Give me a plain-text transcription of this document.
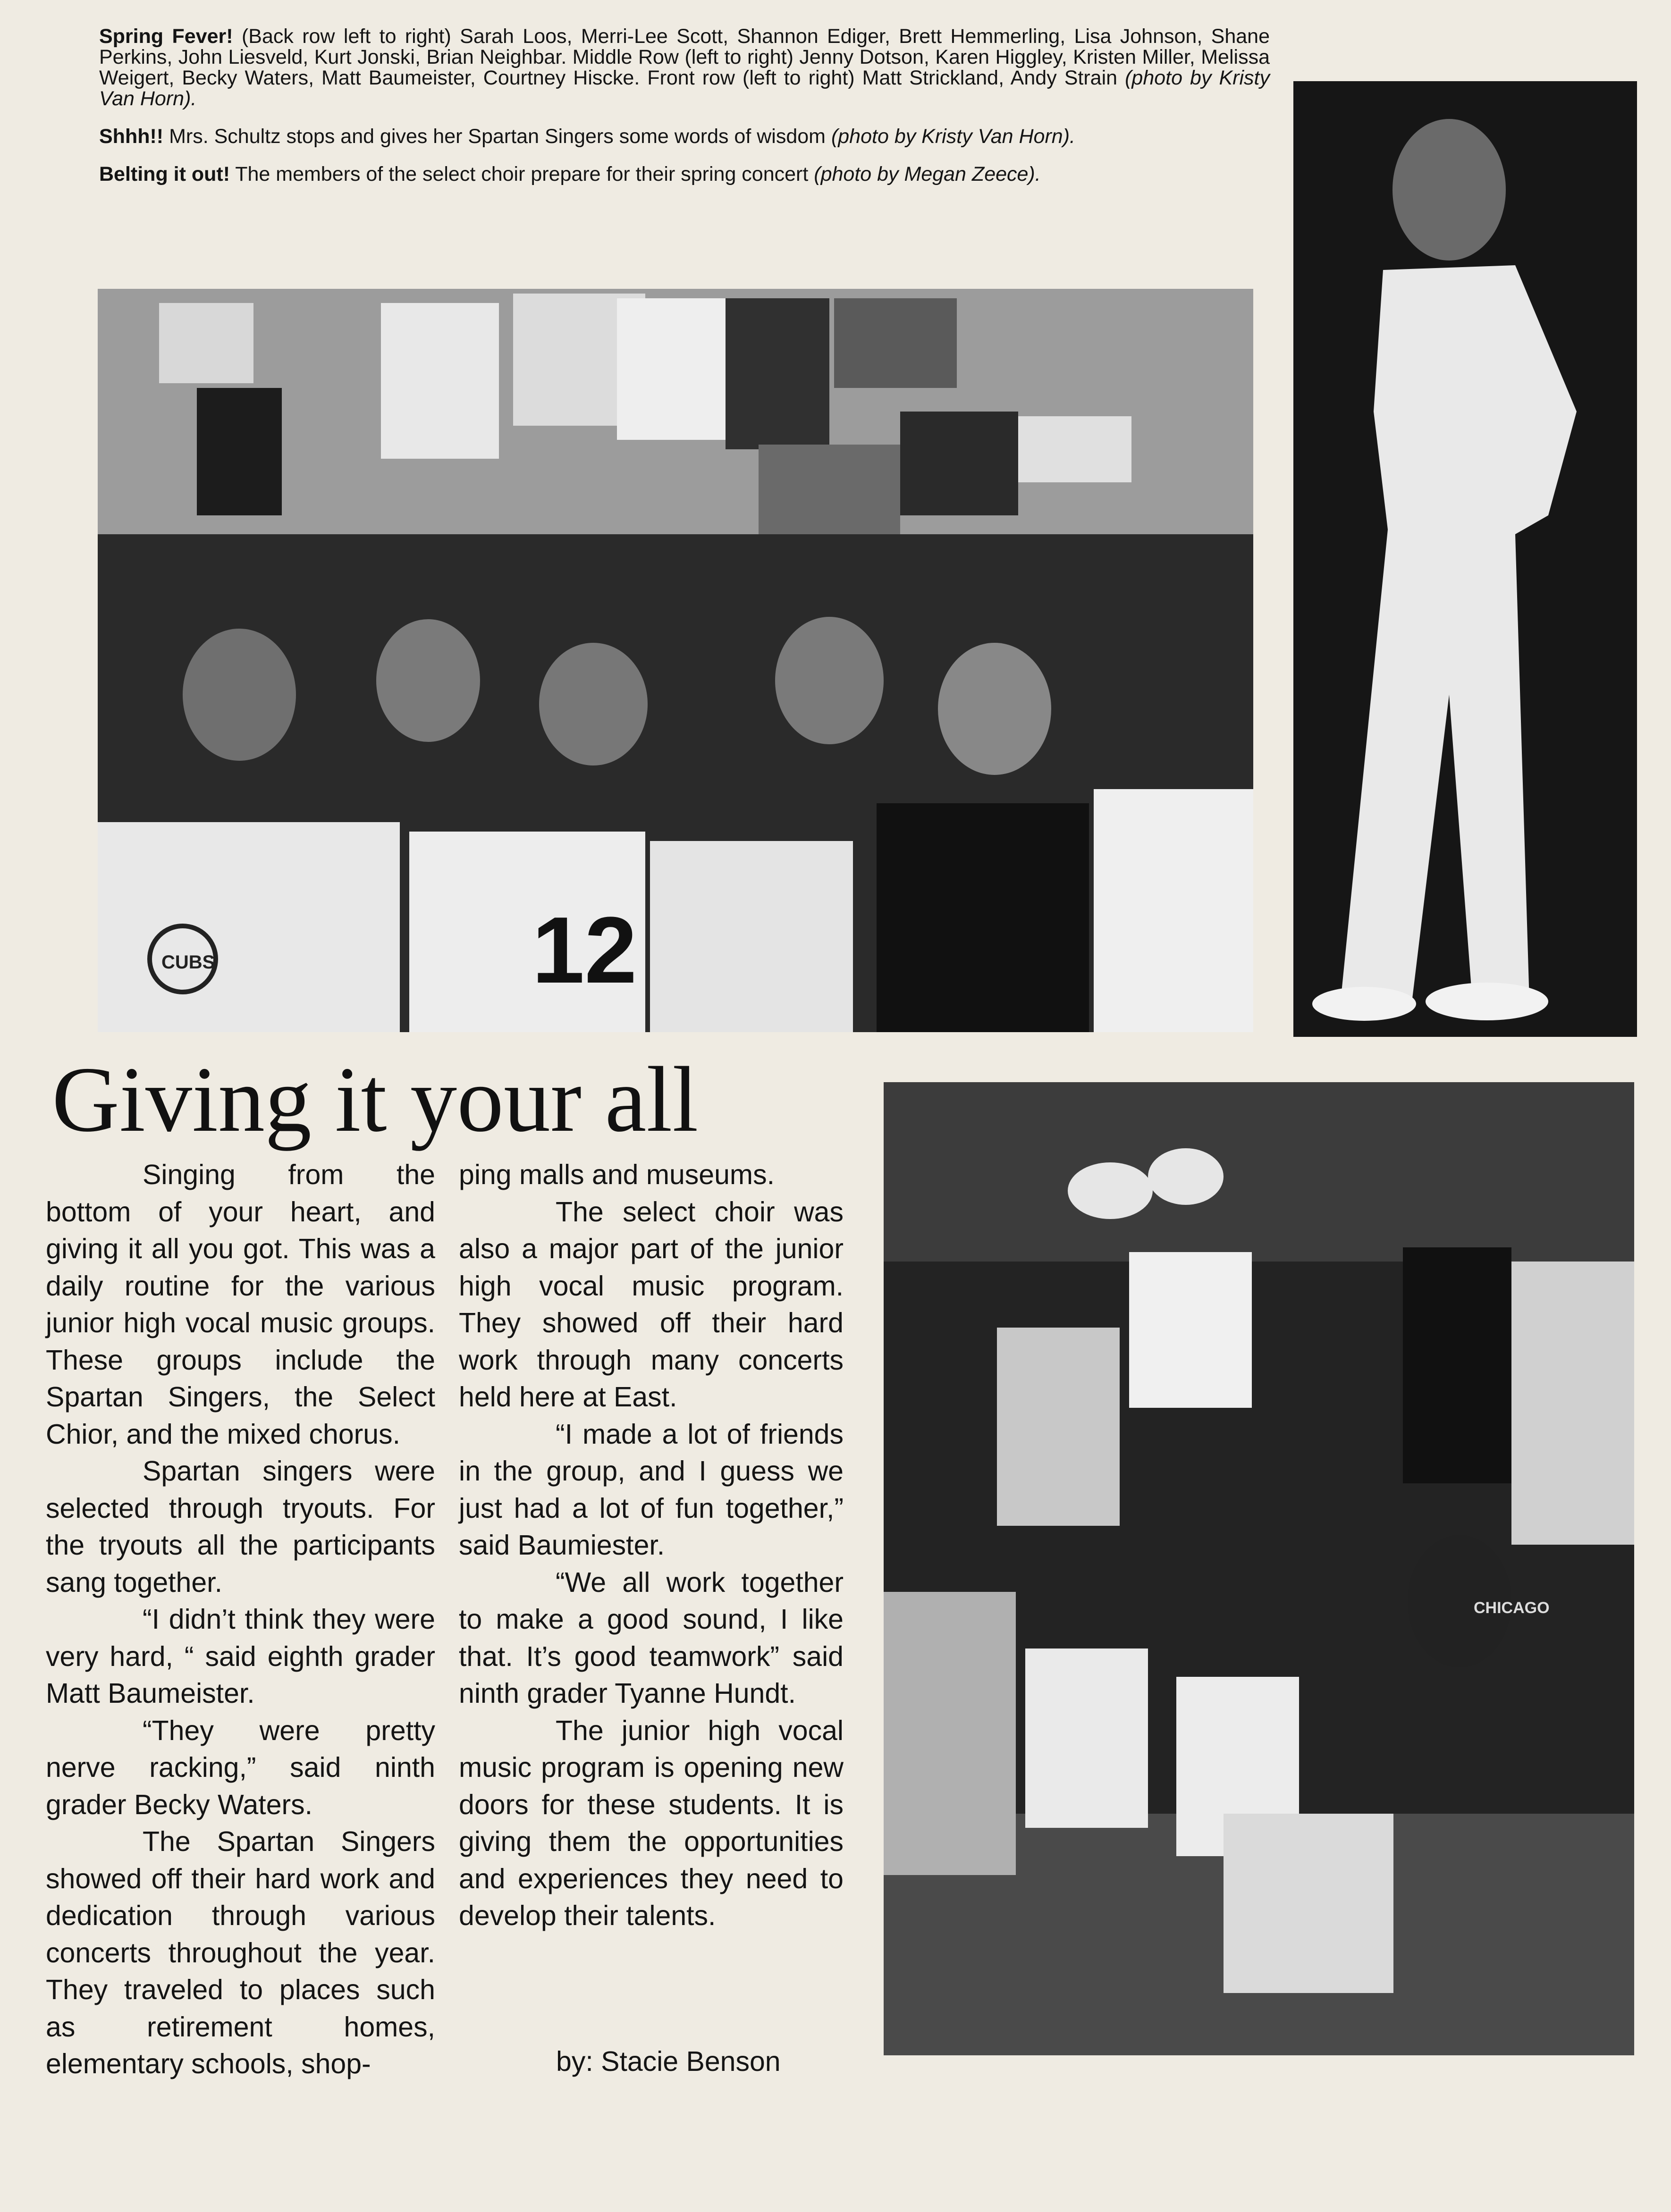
Spring Fever! (Back row left to right) Sarah Loos, Merri-Lee Scott, Shannon Ediger, Brett Hemmerling, Lisa Johnson, Shane Perkins, John Liesveld, Kurt Jonski, Brian Neighbar. Middle Row (left to right) Jenny Dotson, Karen Higgley, Kristen Miller, Melissa Weigert, Becky Waters, Matt Baumeister, Courtney Hiscke. Front row (left to right) Matt Strickland, Andy Strain (photo by Kristy Van Horn).

Shhh!! Mrs. Schultz stops and gives her Spartan Singers some words of wisdom (photo by Kristy Van Horn).

Belting it out! The members of the select choir prepare for their spring concert (photo by Megan Zeece).

12
CUBS
Giving it your all

Singing from the bottom of your heart, and giving it all you got. This was a daily routine for the various junior high vocal music groups. These groups include the Spartan Singers, the Select Chior, and the mixed chorus.

Spartan singers were selected through tryouts. For the tryouts all the participants sang together.

“I didn’t think they were very hard, “ said eighth grader Matt Baumeister.

“They were pretty nerve racking,” said ninth grader Becky Waters.

The Spartan Singers showed off their hard work and dedication through various concerts throughout the year. They traveled to places such as retirement homes, elementary schools, shop-

ping malls and museums.

The select choir was also a major part of the junior high vocal music program. They showed off their hard work through many concerts held here at East.

“I made a lot of friends in the group, and I guess we just had a lot of fun together,” said Baumiester.

“We all work together to make a good sound, I like that. It’s good teamwork” said ninth grader Tyanne Hundt.

The junior high vocal music program is opening new doors for these students. It is giving them the opportunities and experiences they need to develop their talents.

by: Stacie Benson
CHICAGO
